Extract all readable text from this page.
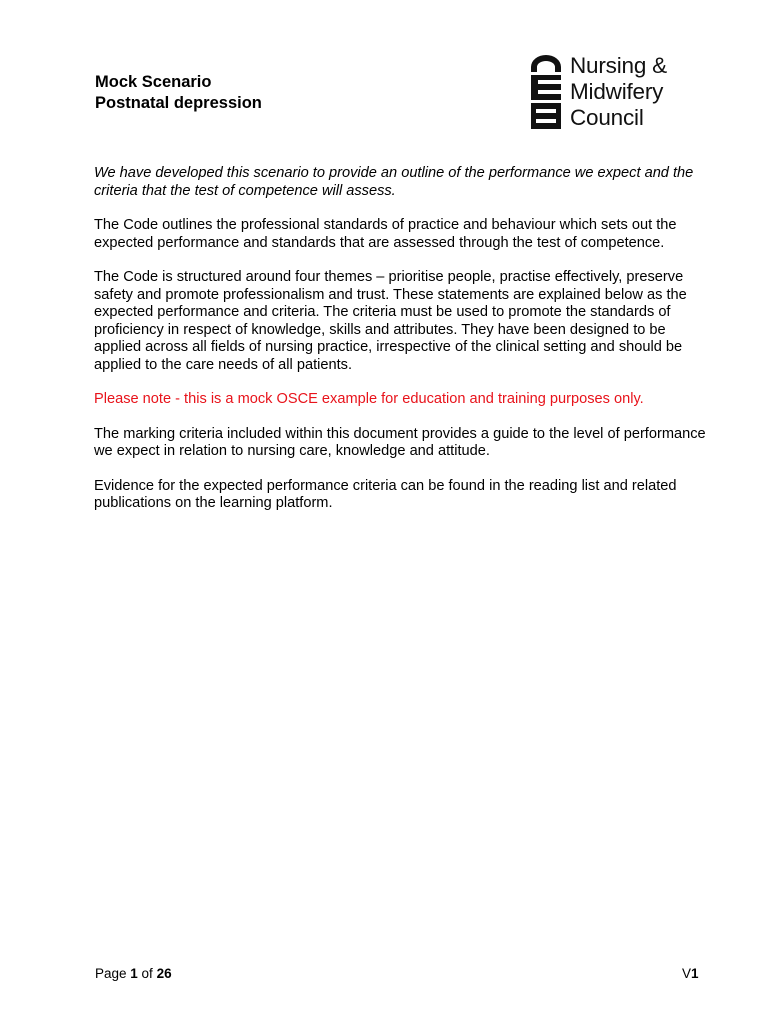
Mock Scenario
Postnatal depression
Nursing &
Midwifery
Council

We have developed this scenario to provide an outline of the performance we expect and the criteria that the test of competence will assess.

The Code outlines the professional standards of practice and behaviour which sets out the expected performance and standards that are assessed through the test of competence.

The Code is structured around four themes – prioritise people, practise effectively, preserve safety and promote professionalism and trust. These statements are explained below as the expected performance and criteria. The criteria must be used to promote the standards of proficiency in respect of knowledge, skills and attributes. They have been designed to be applied across all fields of nursing practice, irrespective of the clinical setting and should be applied to the care needs of all patients.

Please note - this is a mock OSCE example for education and training purposes only.

The marking criteria included within this document provides a guide to the level of performance we expect in relation to nursing care, knowledge and attitude.

Evidence for the expected performance criteria can be found in the reading list and related publications on the learning platform.

Page 1 of 26	V1
